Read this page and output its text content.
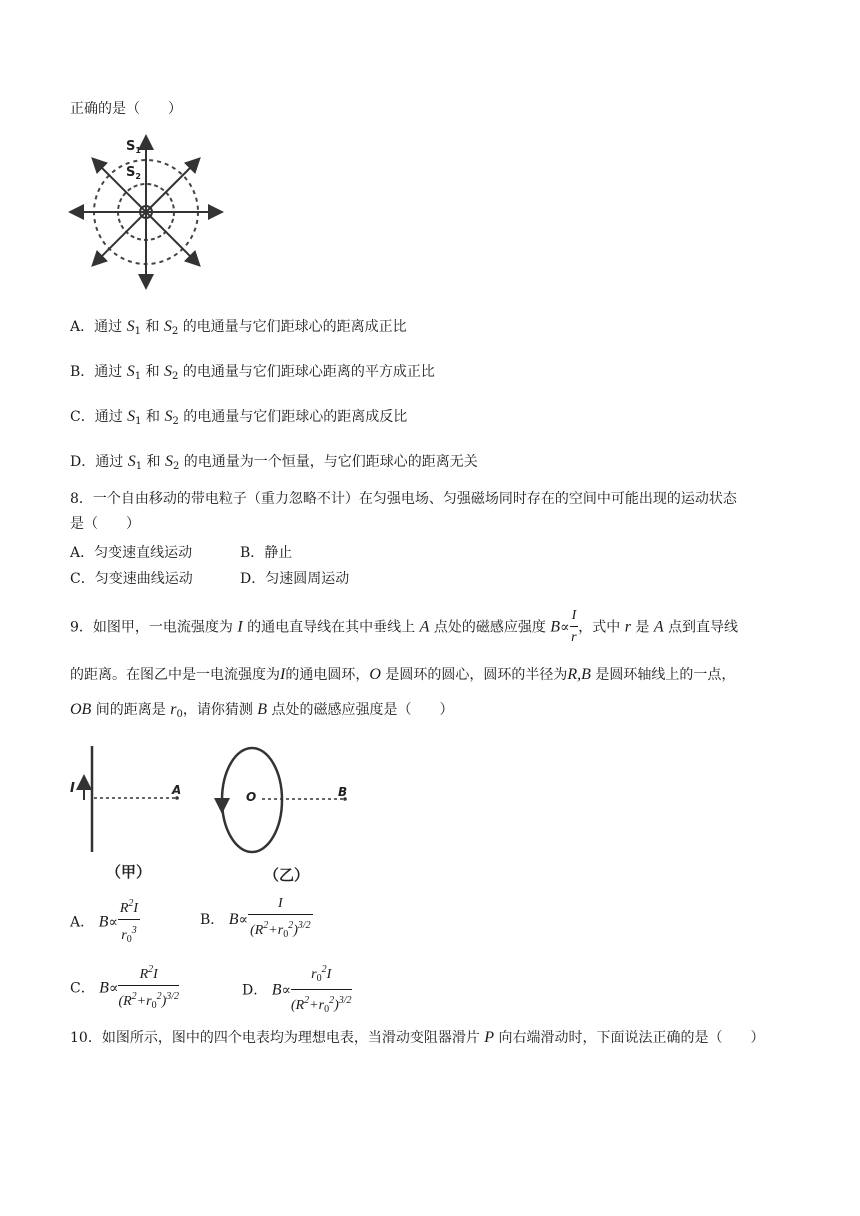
正确的是（　　）
$S_1$
$S_2$
A．通过 $S_1$ 和 $S_2$ 的电通量与它们距球心的距离成正比
B．通过 $S_1$ 和 $S_2$ 的电通量与它们距球心距离的平方成正比
C．通过 $S_1$ 和 $S_2$ 的电通量与它们距球心的距离成反比
D．通过 $S_1$ 和 $S_2$ 的电通量为一个恒量，与它们距球心的距离无关
8．一个自由移动的带电粒子（重力忽略不计）在匀强电场、匀强磁场同时存在的空间中可能出现的运动状态
是（　　）
A．匀变速直线运动	B．静止
C．匀变速曲线运动	D．匀速圆周运动
9．如图甲，一电流强度为 I 的通电直导线在其中垂线上 A 点处的磁感应强度 $B\propto \frac{I}{r}$ ，式中 r 是 A 点到直导线
的距离。在图乙中是一电流强度为I的通电圆环，O 是圆环的圆心，圆环的半径为R,B 是圆环轴线上的一点，
OB 间的距离是 $r_0$，请你猜测 B 点处的磁感应强度是（　　）
I	A	O	B
（甲）	（乙）
A． $B\propto \frac{R^2I}{r_0^3}$	B． $B\propto \frac{I}{(R^2+r_0^2)^{3/2}}$
C． $B\propto \frac{R^2I}{(R^2+r_0^2)^{3/2}}$	D． $B\propto \frac{r_0^2I}{(R^2+r_0^2)^{3/2}}$
10．如图所示，图中的四个电表均为理想电表，当滑动变阻器滑片 P 向右端滑动时，下面说法正确的是（　　）
